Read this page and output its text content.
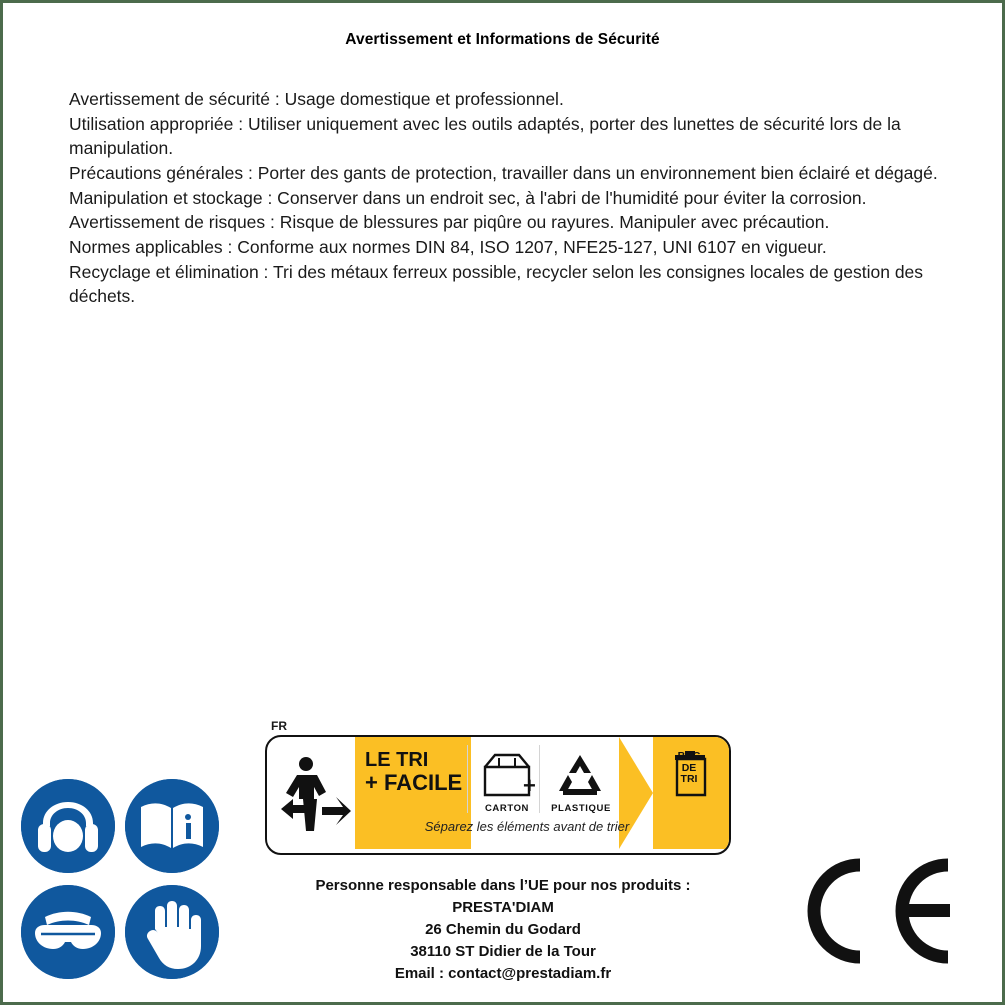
Avertissement et Informations de Sécurité

Avertissement de sécurité : Usage domestique et professionnel.

Utilisation appropriée : Utiliser uniquement avec les outils adaptés, porter des lunettes de sécurité lors de la manipulation.

Précautions générales : Porter des gants de protection, travailler dans un environnement bien éclairé et dégagé.

Manipulation et stockage : Conserver dans un endroit sec, à l'abri de l'humidité pour éviter la corrosion.

Avertissement de risques : Risque de blessures par piqûre ou rayures. Manipuler avec précaution.

Normes applicables : Conforme aux normes DIN 84, ISO 1207, NFE25-127, UNI 6107 en vigueur.

Recyclage et élimination : Tri des métaux ferreux possible, recycler selon les consignes locales de gestion des déchets.

FR
LE TRI
+ FACILE
CARTON
+
PLASTIQUE
BAC
DE
TRI
Séparez les éléments avant de trier
Personne responsable dans l’UE pour nos produits :
PRESTA'DIAM
26 Chemin du Godard
38110 ST Didier de la Tour
Email : contact@prestadiam.fr
